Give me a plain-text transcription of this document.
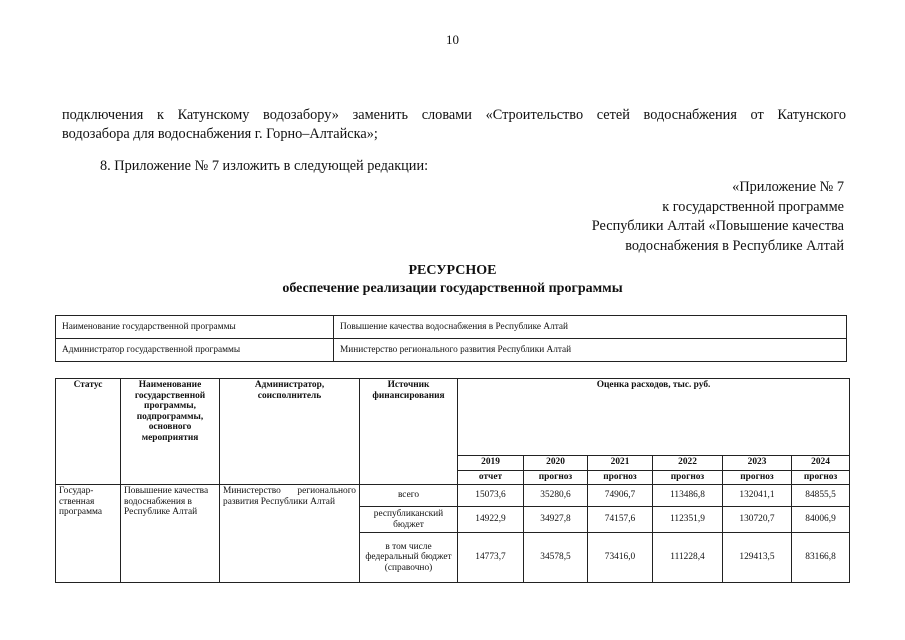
10
подключения к Катунскому водозабору» заменить словами «Строительство сетей водоснабжения от Катунского
водозабора для водоснабжения г. Горно–Алтайска»;
8. Приложение № 7 изложить в следующей редакции:
«Приложение № 7
к государственной программе
Республики Алтай «Повышение качества
водоснабжения в Республике Алтай
РЕСУРСНОЕ
обеспечение реализации государственной программы
Наименование государственной программы	Повышение качества водоснабжения в Республике Алтай
Администратор государственной программы	Министерство регионального развития Республики Алтай
Статус	Наименование государственной программы, подпрограммы, основного мероприятия	Администратор, соисполнитель	Источник финансирования	Оценка расходов, тыс. руб.					
				2019	2020	2021	2022	2023	2024
				отчет	прогноз	прогноз	прогноз	прогноз	прогноз
Государ-ственная программа	Повышение качества водоснабжения в Республике Алтай	Министерство регионального развития Республики Алтай	всего	15073,6	35280,6	74906,7	113486,8	132041,1	84855,5
			республиканский бюджет	14922,9	34927,8	74157,6	112351,9	130720,7	84006,9
			в том числе федеральный бюджет (справочно)	14773,7	34578,5	73416,0	111228,4	129413,5	83166,8
